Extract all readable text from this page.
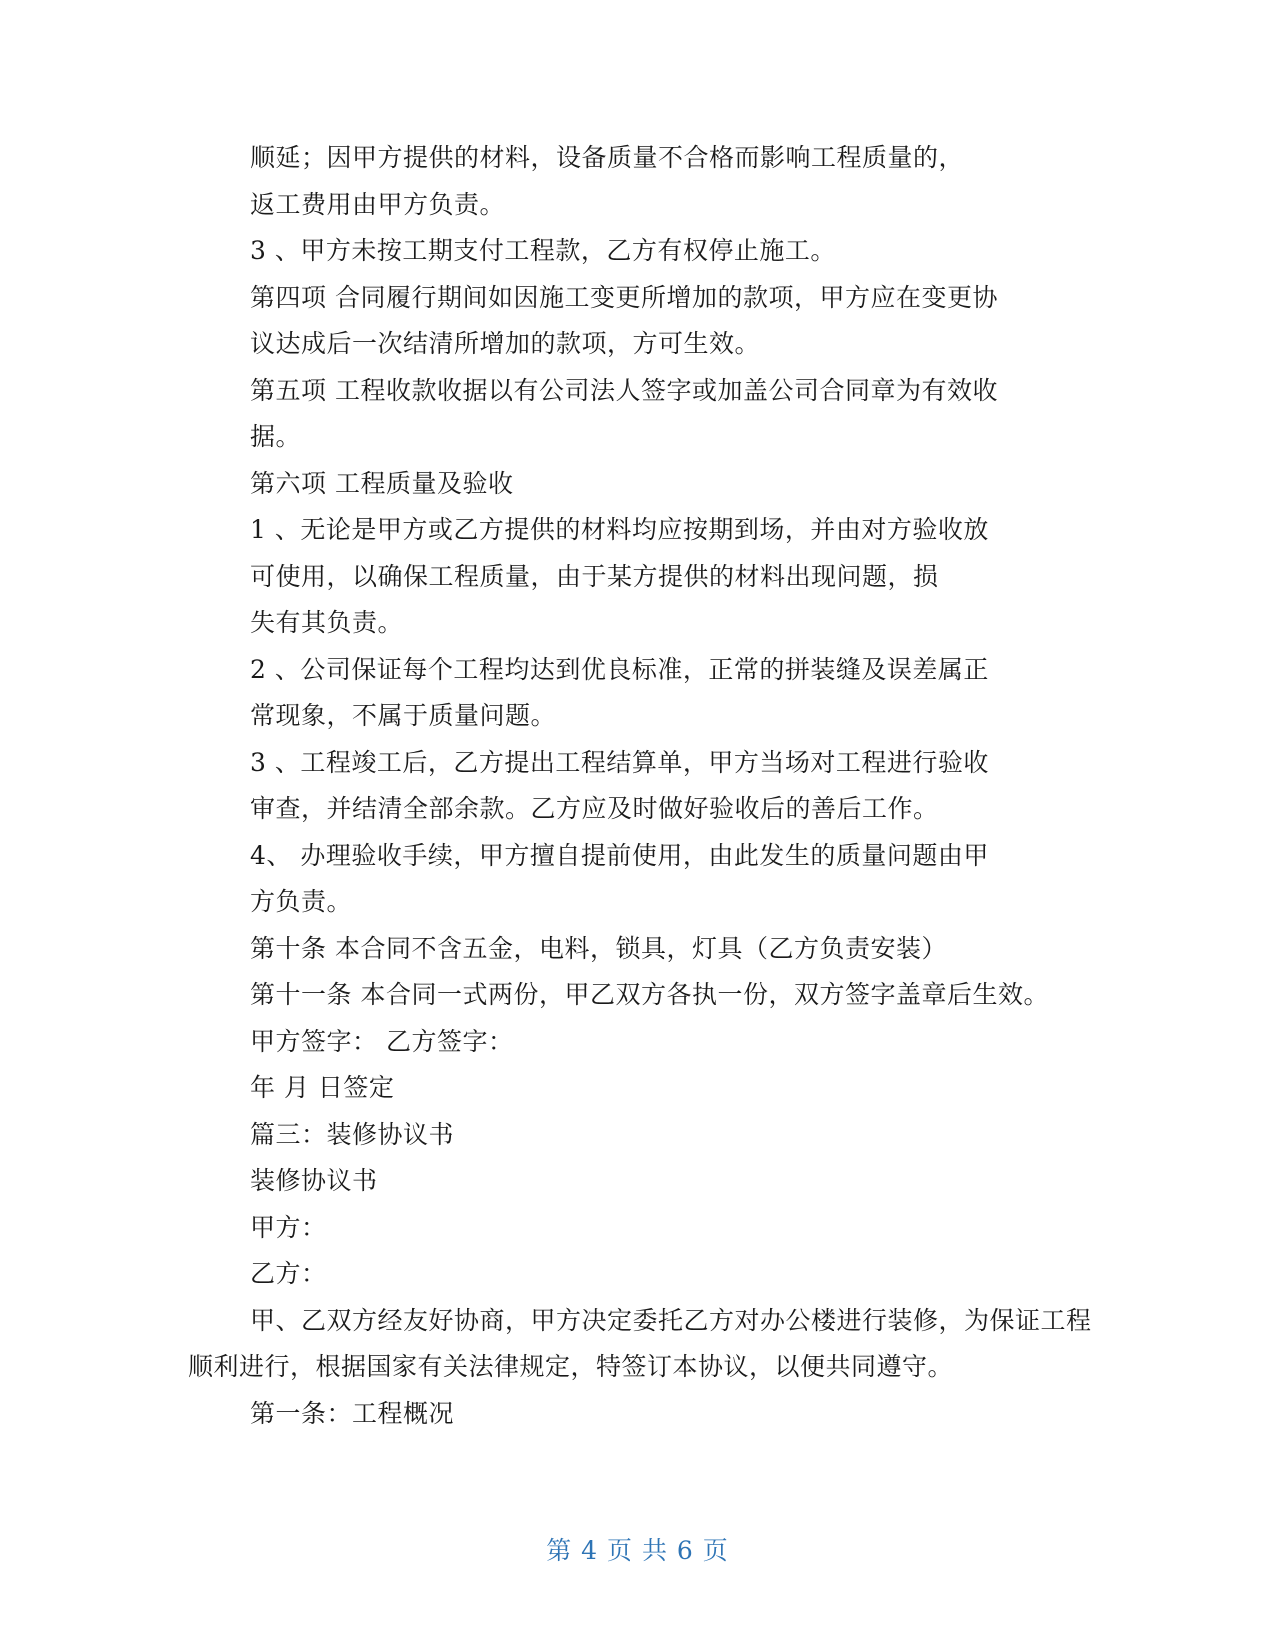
顺延；因甲方提供的材料，设备质量不合格而影响工程质量的，
返工费用由甲方负责。
3 、甲方未按工期支付工程款，乙方有权停止施工。
第四项 合同履行期间如因施工变更所增加的款项，甲方应在变更协
议达成后一次结清所增加的款项，方可生效。
第五项 工程收款收据以有公司法人签字或加盖公司合同章为有效收
据。
第六项 工程质量及验收
1 、无论是甲方或乙方提供的材料均应按期到场，并由对方验收放
可使用，以确保工程质量，由于某方提供的材料出现问题，损
失有其负责。
2 、公司保证每个工程均达到优良标准，正常的拼装缝及误差属正
常现象，不属于质量问题。
3 、工程竣工后，乙方提出工程结算单，甲方当场对工程进行验收
审查，并结清全部余款。乙方应及时做好验收后的善后工作。
4、 办理验收手续，甲方擅自提前使用，由此发生的质量问题由甲
方负责。
第十条 本合同不含五金，电料，锁具，灯具（乙方负责安装）
第十一条 本合同一式两份，甲乙双方各执一份，双方签字盖章后生效。
甲方签字： 乙方签字：
年 月 日签定
篇三：装修协议书
装修协议书
甲方：
乙方：
甲、乙双方经友好协商，甲方决定委托乙方对办公楼进行装修，为保证工程
顺利进行，根据国家有关法律规定，特签订本协议，以便共同遵守。
第一条：工程概况
第 4 页 共 6 页
